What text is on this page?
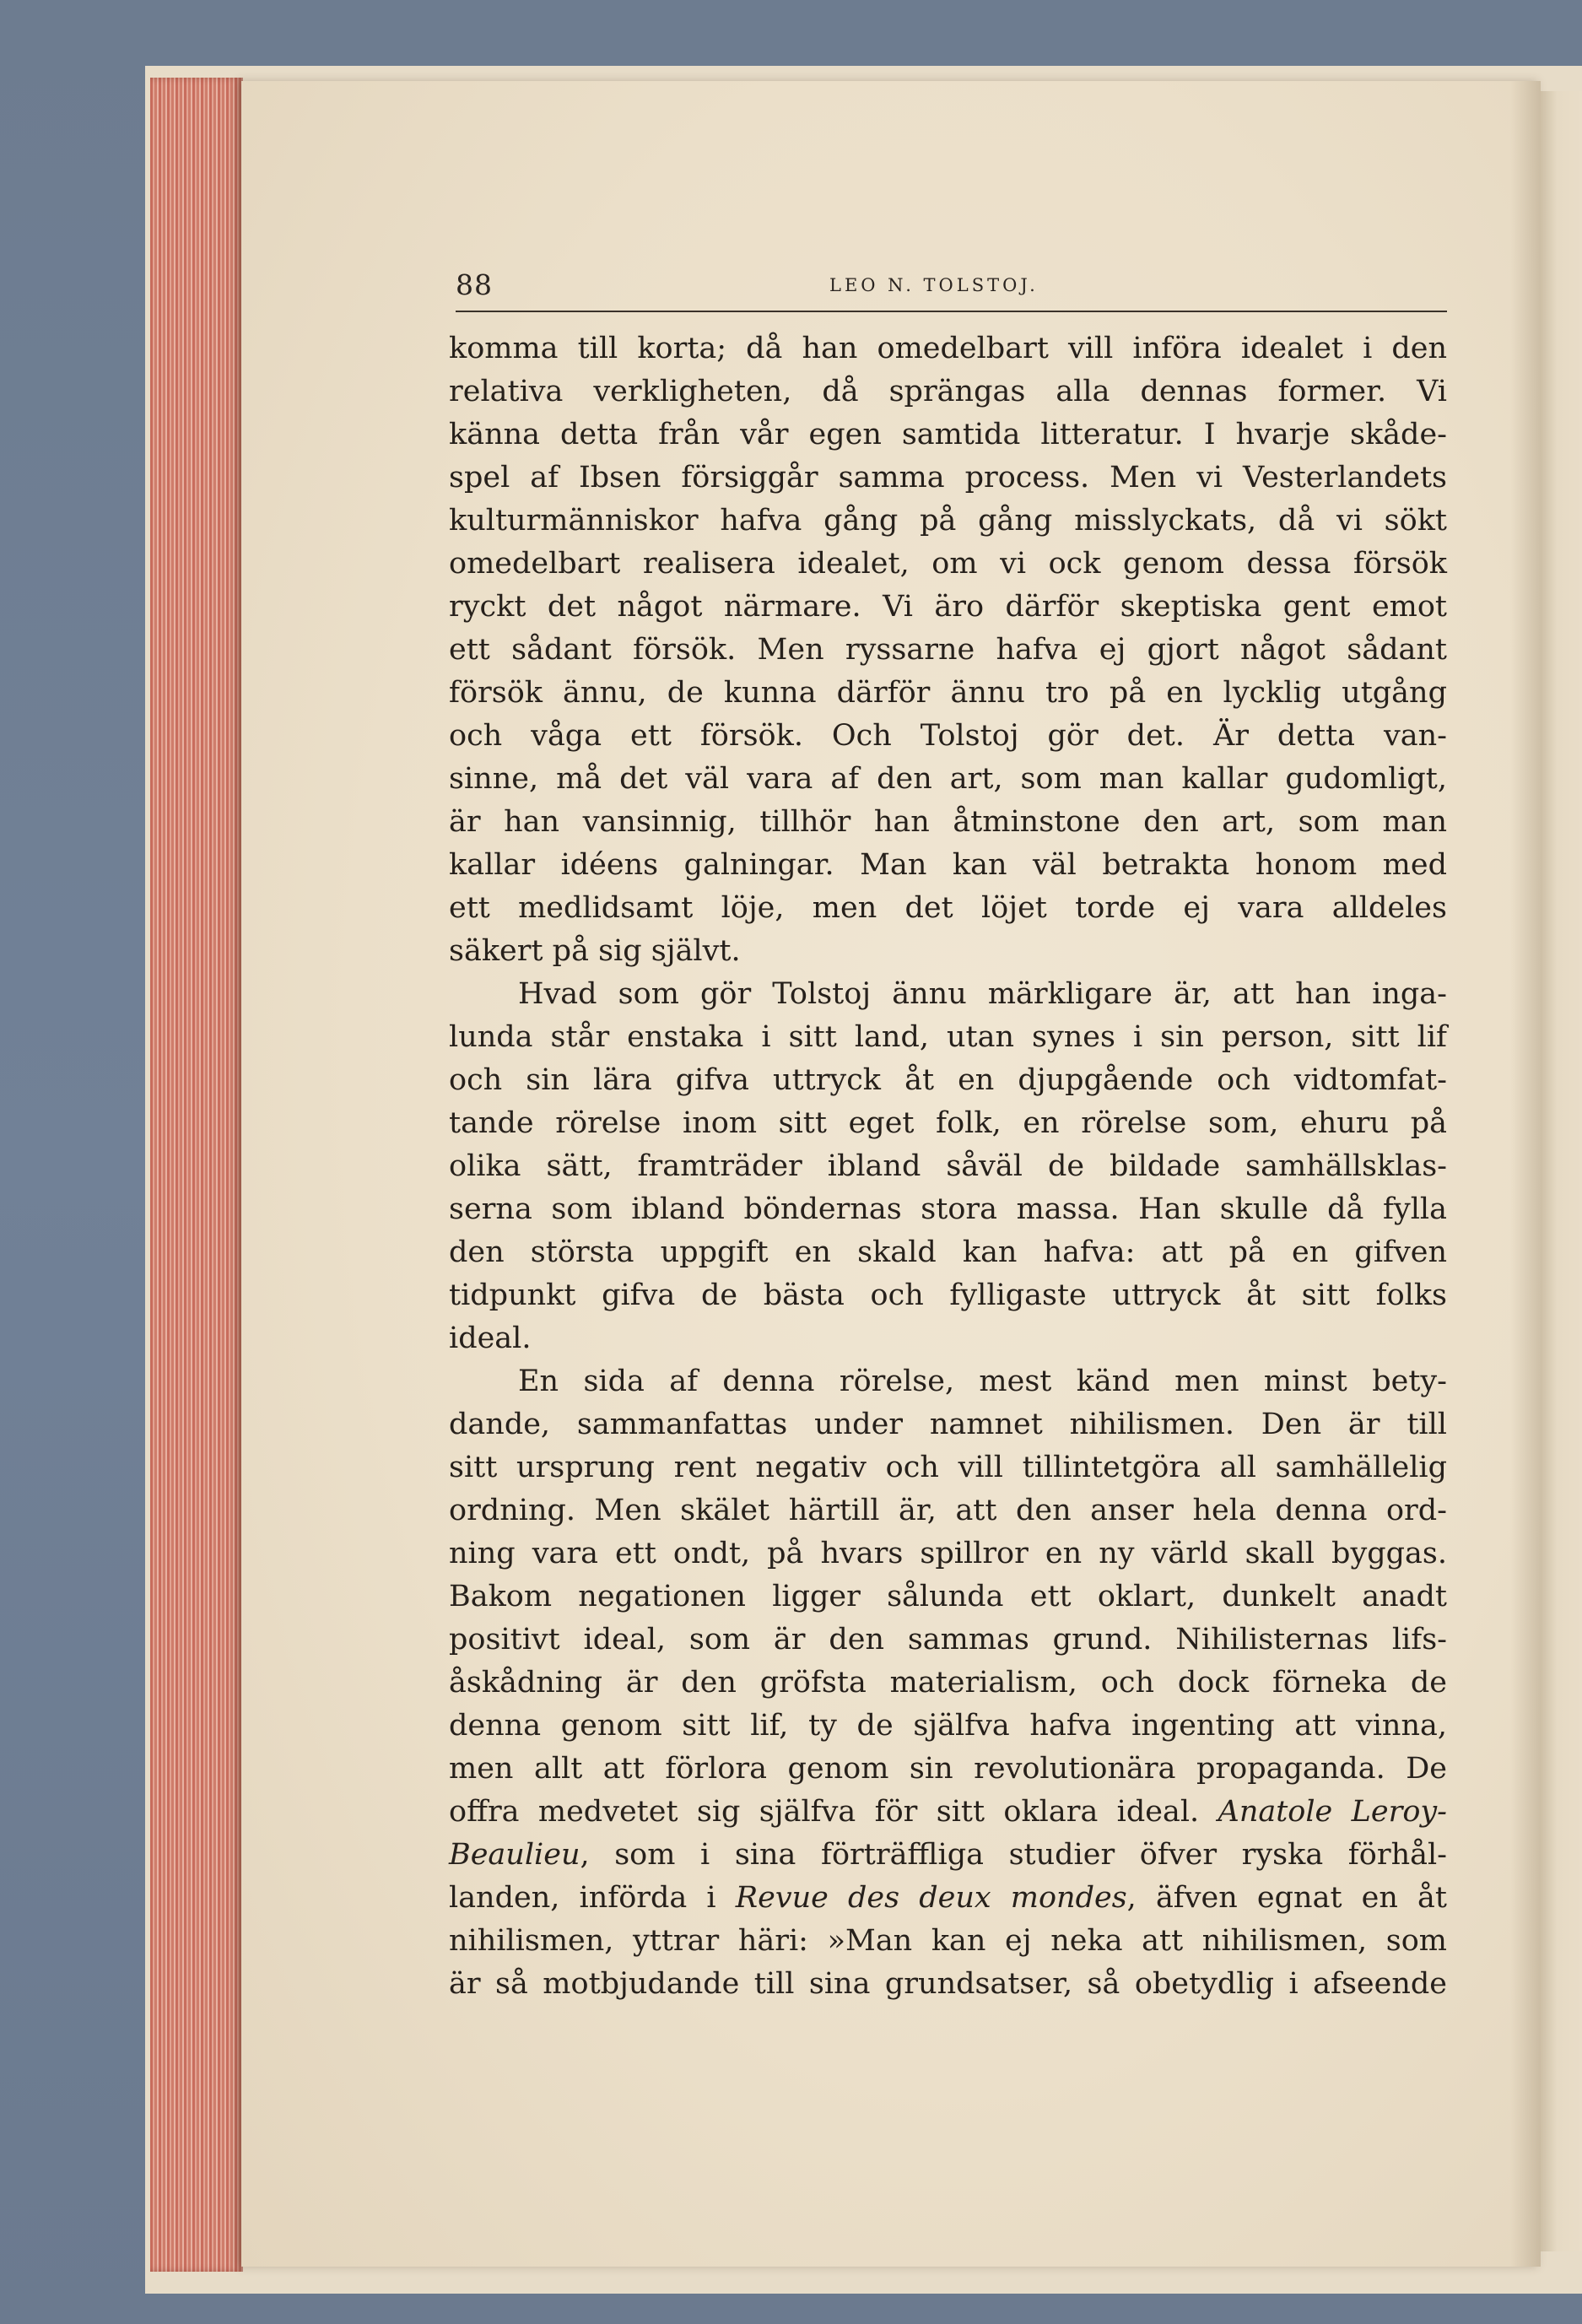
88	LEO N. TOLSTOJ.
komma till korta; då han omedelbart vill införa idealet i den
relativa verkligheten, då sprängas alla dennas former. Vi
känna detta från vår egen samtida litteratur. I hvarje skåde-
spel af Ibsen försiggår samma process. Men vi Vesterlandets
kulturmänniskor hafva gång på gång misslyckats, då vi sökt
omedelbart realisera idealet, om vi ock genom dessa försök
ryckt det något närmare. Vi äro därför skeptiska gent emot
ett sådant försök. Men ryssarne hafva ej gjort något sådant
försök ännu, de kunna därför ännu tro på en lycklig utgång
och våga ett försök. Och Tolstoj gör det. Är detta van-
sinne, må det väl vara af den art, som man kallar gudomligt,
är han vansinnig, tillhör han åtminstone den art, som man
kallar idéens galningar. Man kan väl betrakta honom med
ett medlidsamt löje, men det löjet torde ej vara alldeles
säkert på sig självt.
Hvad som gör Tolstoj ännu märkligare är, att han inga-
lunda står enstaka i sitt land, utan synes i sin person, sitt lif
och sin lära gifva uttryck åt en djupgående och vidtomfat-
tande rörelse inom sitt eget folk, en rörelse som, ehuru på
olika sätt, framträder ibland såväl de bildade samhällsklas-
serna som ibland böndernas stora massa. Han skulle då fylla
den största uppgift en skald kan hafva: att på en gifven
tidpunkt gifva de bästa och fylligaste uttryck åt sitt folks
ideal.
En sida af denna rörelse, mest känd men minst bety-
dande, sammanfattas under namnet nihilismen. Den är till
sitt ursprung rent negativ och vill tillintetgöra all samhällelig
ordning. Men skälet härtill är, att den anser hela denna ord-
ning vara ett ondt, på hvars spillror en ny värld skall byggas.
Bakom negationen ligger sålunda ett oklart, dunkelt anadt
positivt ideal, som är den sammas grund. Nihilisternas lifs-
åskådning är den gröfsta materialism, och dock förneka de
denna genom sitt lif, ty de själfva hafva ingenting att vinna,
men allt att förlora genom sin revolutionära propaganda. De
offra medvetet sig själfva för sitt oklara ideal. Anatole Leroy-
Beaulieu, som i sina förträffliga studier öfver ryska förhål-
landen, införda i Revue des deux mondes, äfven egnat en åt
nihilismen, yttrar häri: »Man kan ej neka att nihilismen, som
är så motbjudande till sina grundsatser, så obetydlig i afseende
